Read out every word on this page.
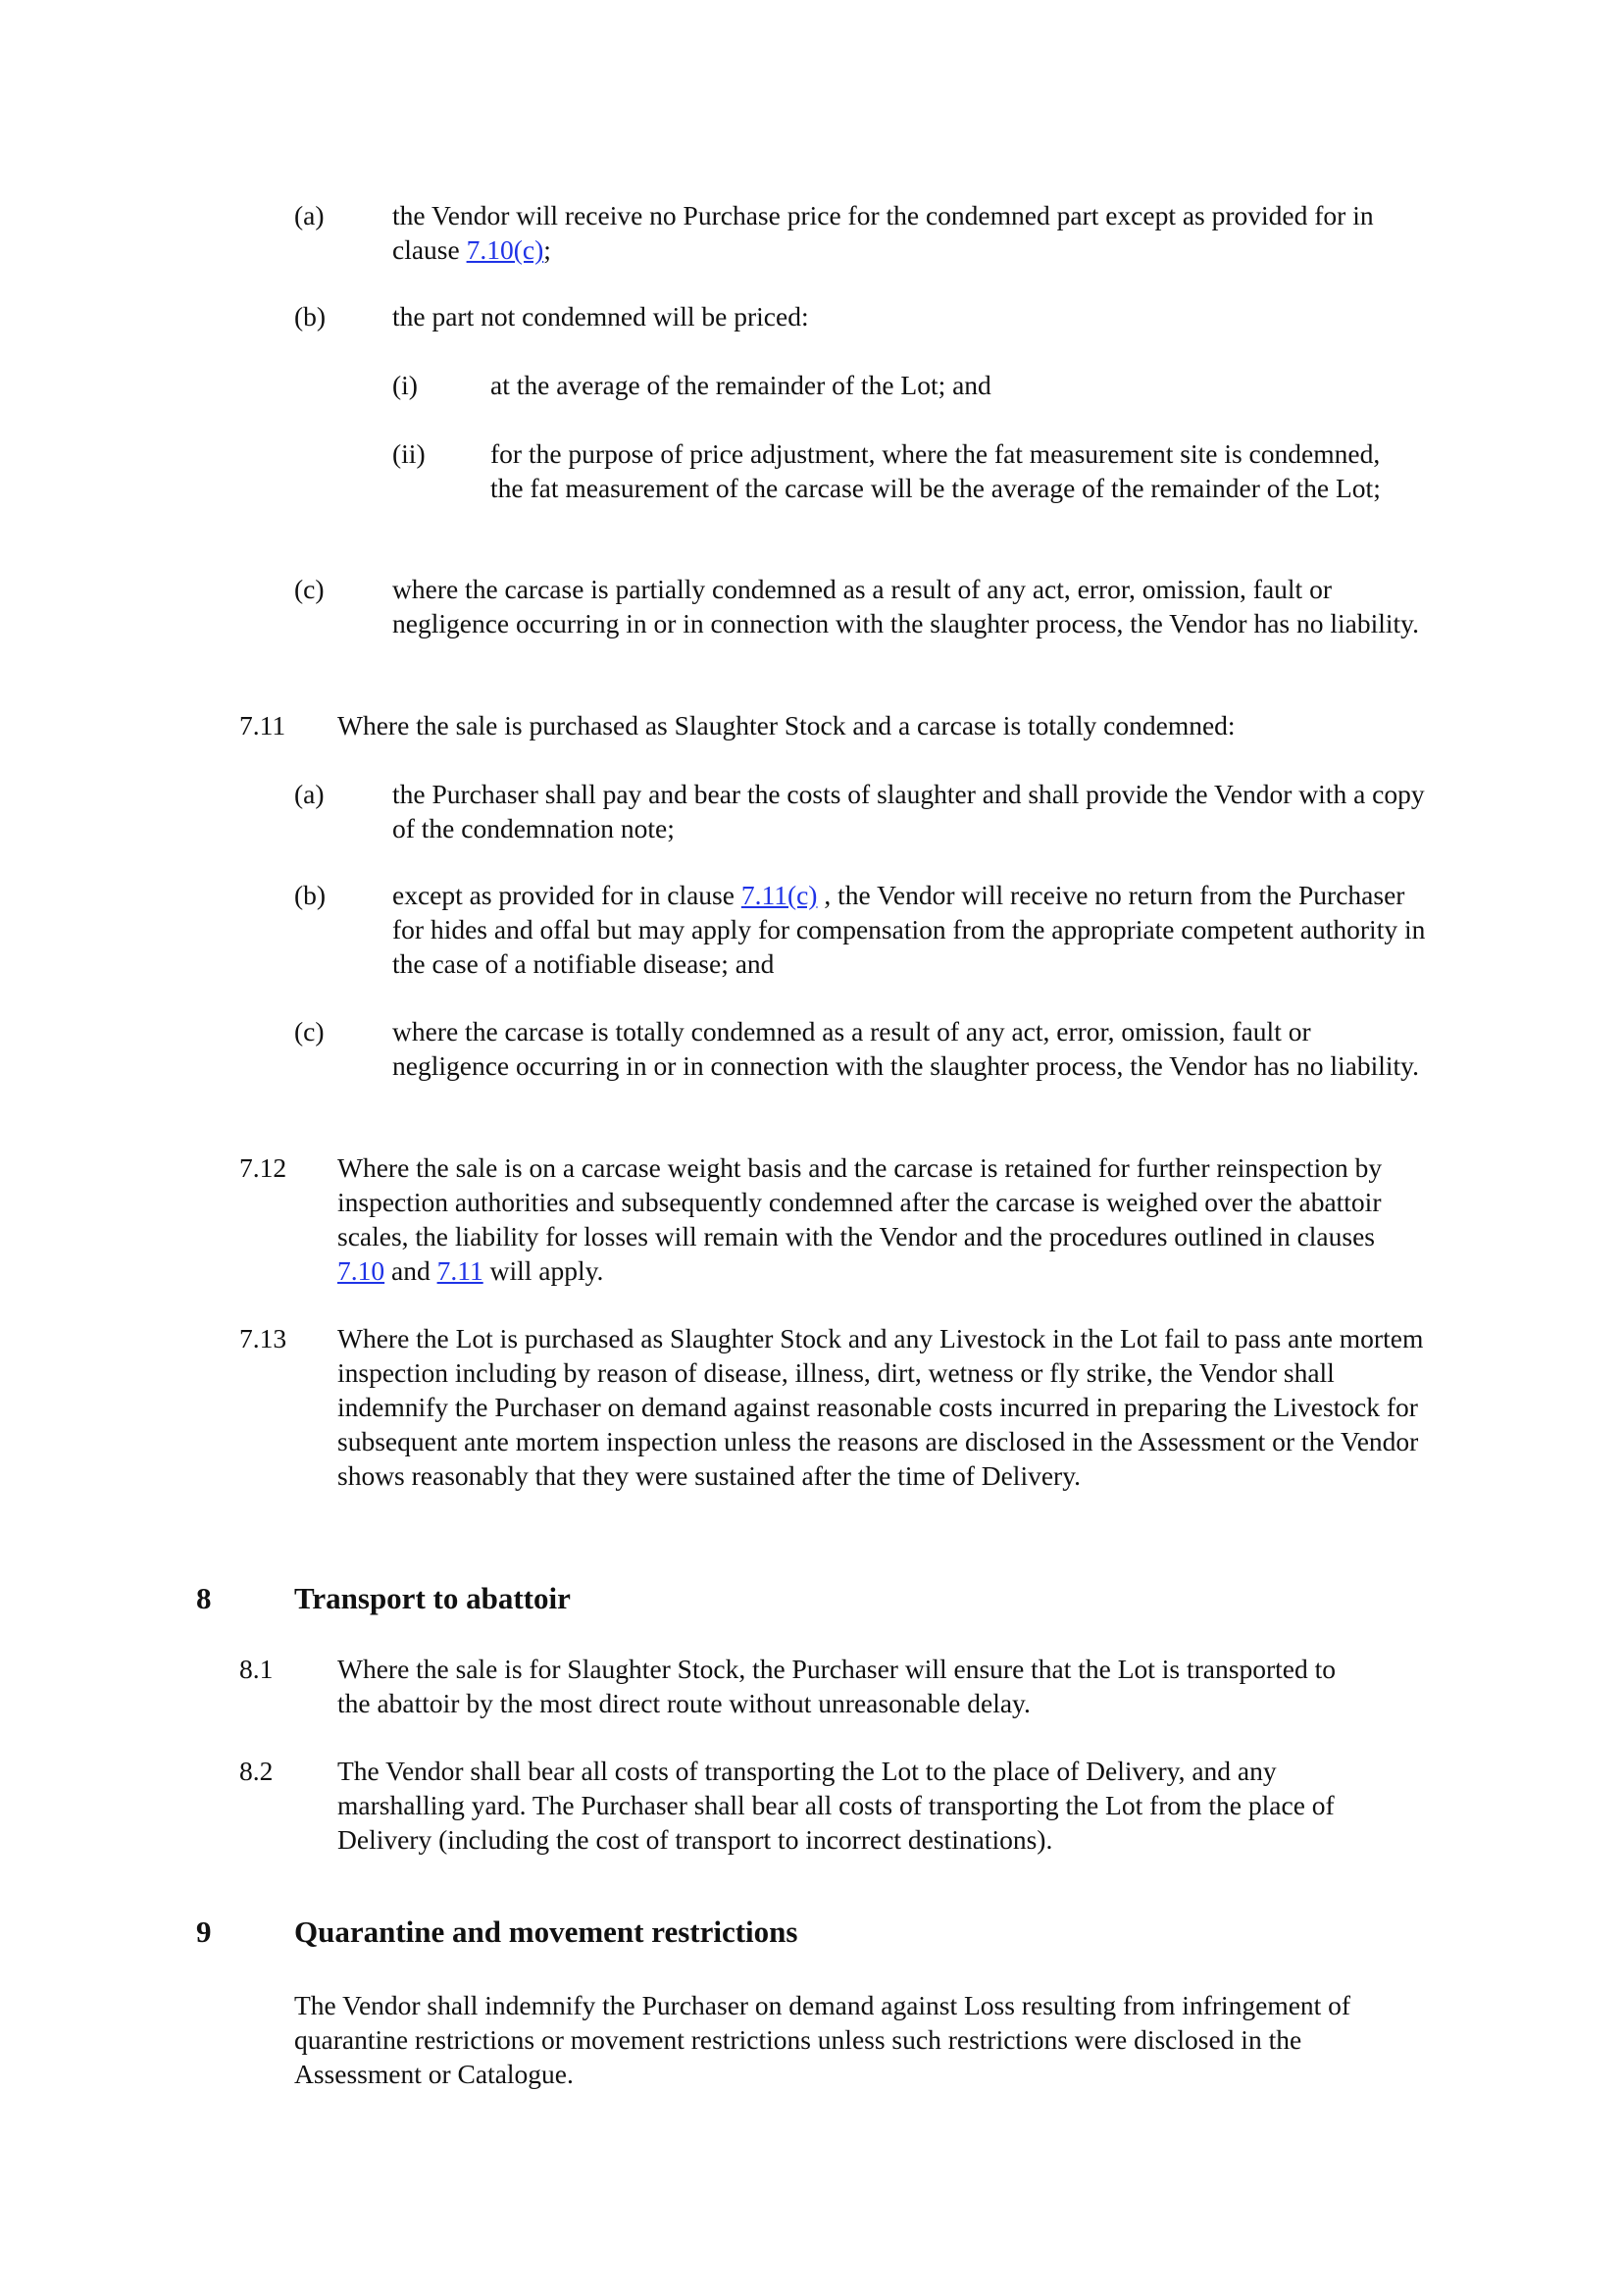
(a)	the Vendor will receive no Purchase price for the condemned part except as provided for in clause 7.10(c);
(b) the part not condemned will be priced:
(i)	at the average of the remainder of the Lot; and
(ii) for the purpose of price adjustment, where the fat measurement site is condemned, the fat measurement of the carcase will be the average of the remainder of the Lot;
(c)	where the carcase is partially condemned as a result of any act, error, omission, fault or negligence occurring in or in connection with the slaughter process, the Vendor has no liability.
7.11 Where the sale is purchased as Slaughter Stock and a carcase is totally condemned:
(a)	the Purchaser shall pay and bear the costs of slaughter and shall provide the Vendor with a copy of the condemnation note;
(b) except as provided for in clause 7.11(c) , the Vendor will receive no return from the Purchaser for hides and offal but may apply for compensation from the appropriate competent authority in the case of a notifiable disease; and
(c)	where the carcase is totally condemned as a result of any act, error, omission, fault or negligence occurring in or in connection with the slaughter process, the Vendor has no liability.
7.12 Where the sale is on a carcase weight basis and the carcase is retained for further reinspection by inspection authorities and subsequently condemned after the carcase is weighed over the abattoir scales, the liability for losses will remain with the Vendor and the procedures outlined in clauses 7.10 and 7.11 will apply.
7.13 Where the Lot is purchased as Slaughter Stock and any Livestock in the Lot fail to pass ante mortem inspection including by reason of disease, illness, dirt, wetness or fly strike, the Vendor shall indemnify the Purchaser on demand against reasonable costs incurred in preparing the Livestock for subsequent ante mortem inspection unless the reasons are disclosed in the Assessment or the Vendor shows reasonably that they were sustained after the time of Delivery.
8	Transport to abattoir
8.1 Where the sale is for Slaughter Stock, the Purchaser will ensure that the Lot is transported to the abattoir by the most direct route without unreasonable delay.
8.2 The Vendor shall bear all costs of transporting the Lot to the place of Delivery, and any marshalling yard. The Purchaser shall bear all costs of transporting the Lot from the place of Delivery (including the cost of transport to incorrect destinations).
9	Quarantine and movement restrictions
The Vendor shall indemnify the Purchaser on demand against Loss resulting from infringement of quarantine restrictions or movement restrictions unless such restrictions were disclosed in the Assessment or Catalogue.
